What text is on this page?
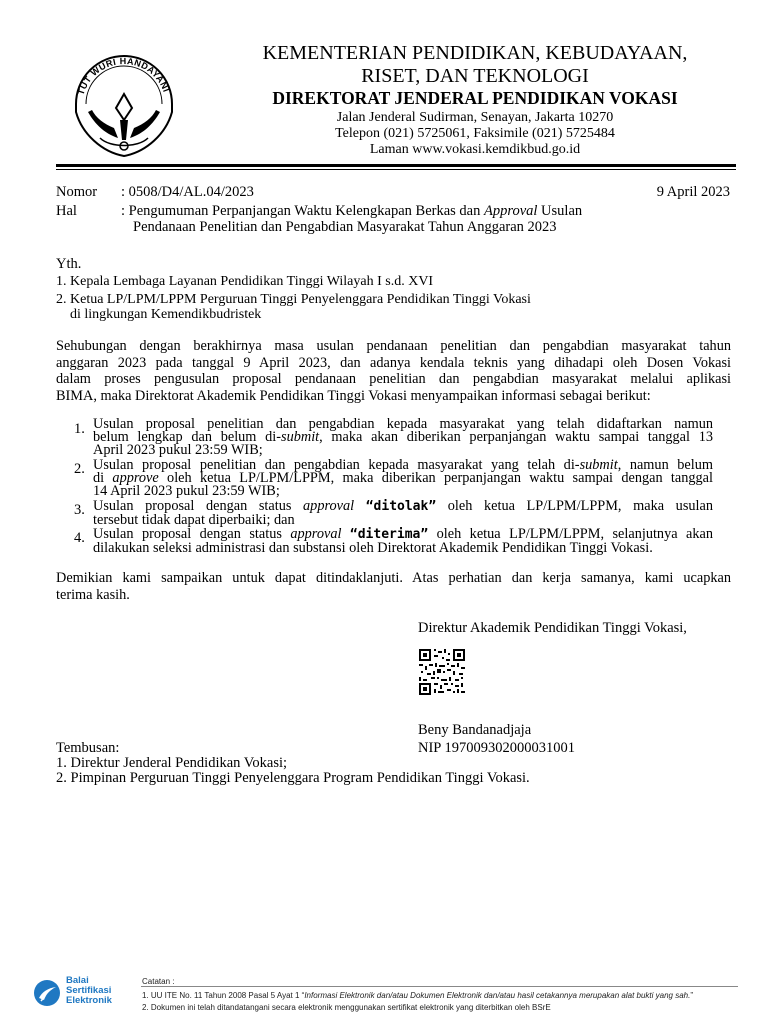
TUT WURI HANDAYANI
KEMENTERIAN PENDIDIKAN, KEBUDAYAAN,
RISET, DAN TEKNOLOGI
DIREKTORAT JENDERAL PENDIDIKAN VOKASI
Jalan Jenderal Sudirman, Senayan, Jakarta 10270
Telepon (021) 5725061, Faksimile (021) 5725484
Laman www.vokasi.kemdikbud.go.id
Nomor : 0508/D4/AL.04/2023	9 April 2023
Hal	: Pengumuman Perpanjangan Waktu Kelengkapan Berkas dan Approval Usulan
Pendanaan Penelitian dan Pengabdian Masyarakat Tahun Anggaran 2023
Yth.
1. Kepala Lembaga Layanan Pendidikan Tinggi Wilayah I s.d. XVI
2. Ketua LP/LPM/LPPM Perguruan Tinggi Penyelenggara Pendidikan Tinggi Vokasi
di lingkungan Kemendikbudristek
Sehubungan dengan berakhirnya masa usulan pendanaan penelitian dan pengabdian masyarakat tahun
anggaran 2023 pada tanggal 9 April 2023, dan adanya kendala teknis yang dihadapi oleh Dosen Vokasi
dalam proses pengusulan proposal pendanaan penelitian dan pengabdian masyarakat melalui aplikasi
BIMA, maka Direktorat Akademik Pendidikan Tinggi Vokasi menyampaikan informasi sebagai berikut:
1. Usulan proposal penelitian dan pengabdian kepada masyarakat yang telah didaftarkan namun
belum lengkap dan belum di-submit, maka akan diberikan perpanjangan waktu sampai tanggal 13
April 2023 pukul 23:59 WIB;
2. Usulan proposal penelitian dan pengabdian kepada masyarakat yang telah di-submit, namun belum
di approve oleh ketua LP/LPM/LPPM, maka diberikan perpanjangan waktu sampai dengan tanggal
14 April 2023 pukul 23:59 WIB;
3. Usulan proposal dengan status approval “ditolak” oleh ketua LP/LPM/LPPM, maka usulan
tersebut tidak dapat diperbaiki; dan
4. Usulan proposal dengan status approval “diterima” oleh ketua LP/LPM/LPPM, selanjutnya akan
dilakukan seleksi administrasi dan substansi oleh Direktorat Akademik Pendidikan Tinggi Vokasi.
Demikian kami sampaikan untuk dapat ditindaklanjuti. Atas perhatian dan kerja samanya, kami ucapkan
terima kasih.
Direktur Akademik Pendidikan Tinggi Vokasi,
Beny Bandanadjaja
NIP 197009302000031001
Tembusan:
1. Direktur Jenderal Pendidikan Vokasi;
2. Pimpinan Perguruan Tinggi Penyelenggara Program Pendidikan Tinggi Vokasi.
Balai
Sertifikasi
Elektronik
Catatan :
1. UU ITE No. 11 Tahun 2008 Pasal 5 Ayat 1 “Informasi Elektronik dan/atau Dokumen Elektronik dan/atau hasil cetakannya merupakan alat bukti yang sah.”
2. Dokumen ini telah ditandatangani secara elektronik menggunakan sertifikat elektronik yang diterbitkan oleh BSrE
